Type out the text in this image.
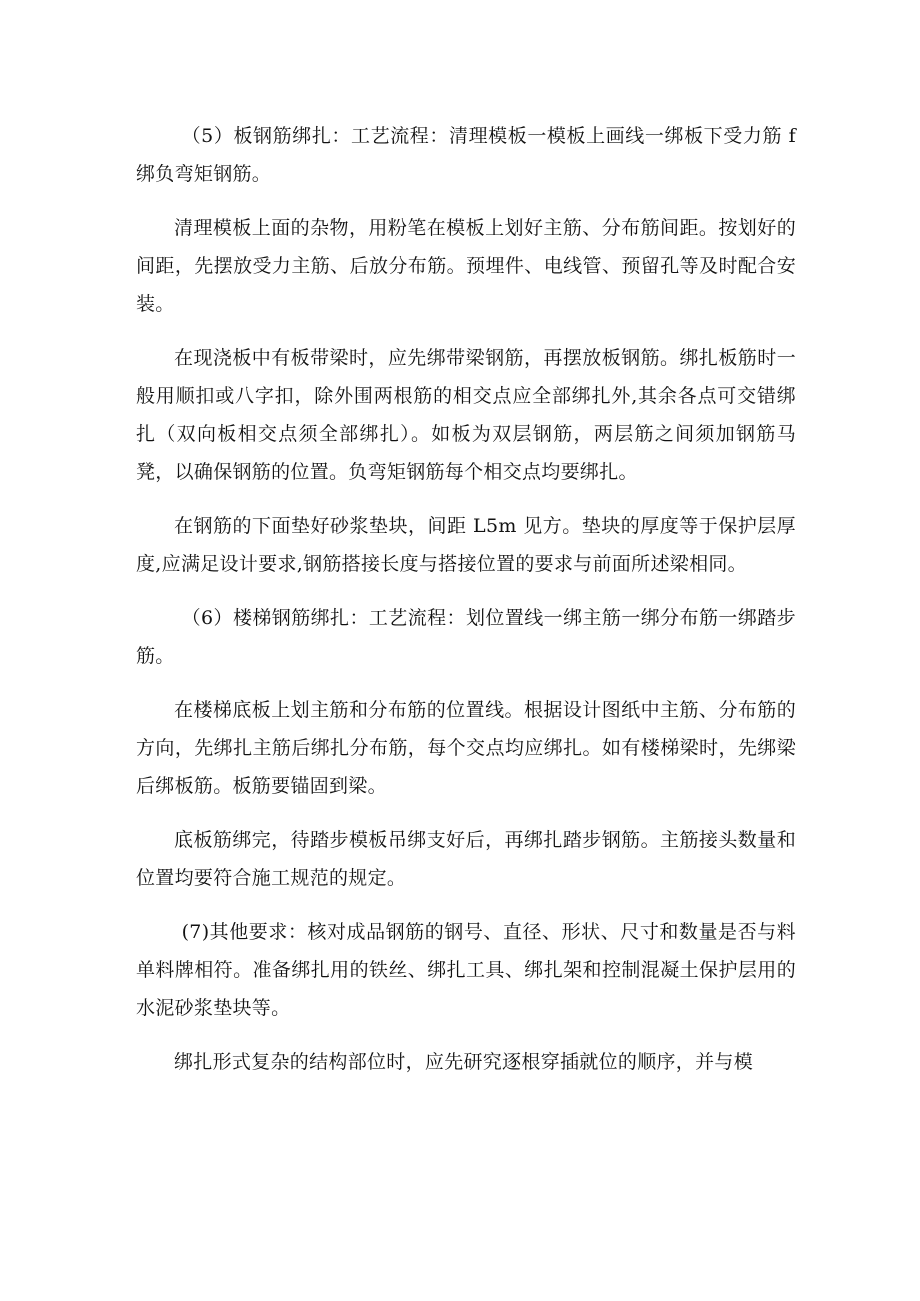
（5）板钢筋绑扎：工艺流程：清理模板一模板上画线一绑板下受力筋 f 绑负弯矩钢筋。

清理模板上面的杂物，用粉笔在模板上划好主筋、分布筋间距。按划好的间距，先摆放受力主筋、后放分布筋。预埋件、电线管、预留孔等及时配合安装。

在现浇板中有板带梁时，应先绑带梁钢筋，再摆放板钢筋。绑扎板筋时一般用顺扣或八字扣，除外围两根筋的相交点应全部绑扎外,其余各点可交错绑扎（双向板相交点须全部绑扎）。如板为双层钢筋，两层筋之间须加钢筋马凳，以确保钢筋的位置。负弯矩钢筋每个相交点均要绑扎。

在钢筋的下面垫好砂浆垫块，间距 L5m 见方。垫块的厚度等于保护层厚度,应满足设计要求,钢筋搭接长度与搭接位置的要求与前面所述梁相同。

（6）楼梯钢筋绑扎：工艺流程：划位置线一绑主筋一绑分布筋一绑踏步筋。

在楼梯底板上划主筋和分布筋的位置线。根据设计图纸中主筋、分布筋的方向，先绑扎主筋后绑扎分布筋，每个交点均应绑扎。如有楼梯梁时，先绑梁后绑板筋。板筋要锚固到梁。

底板筋绑完，待踏步模板吊绑支好后，再绑扎踏步钢筋。主筋接头数量和位置均要符合施工规范的规定。

(7)其他要求：核对成品钢筋的钢号、直径、形状、尺寸和数量是否与料单料牌相符。准备绑扎用的铁丝、绑扎工具、绑扎架和控制混凝土保护层用的水泥砂浆垫块等。

绑扎形式复杂的结构部位时，应先研究逐根穿插就位的顺序，并与模
